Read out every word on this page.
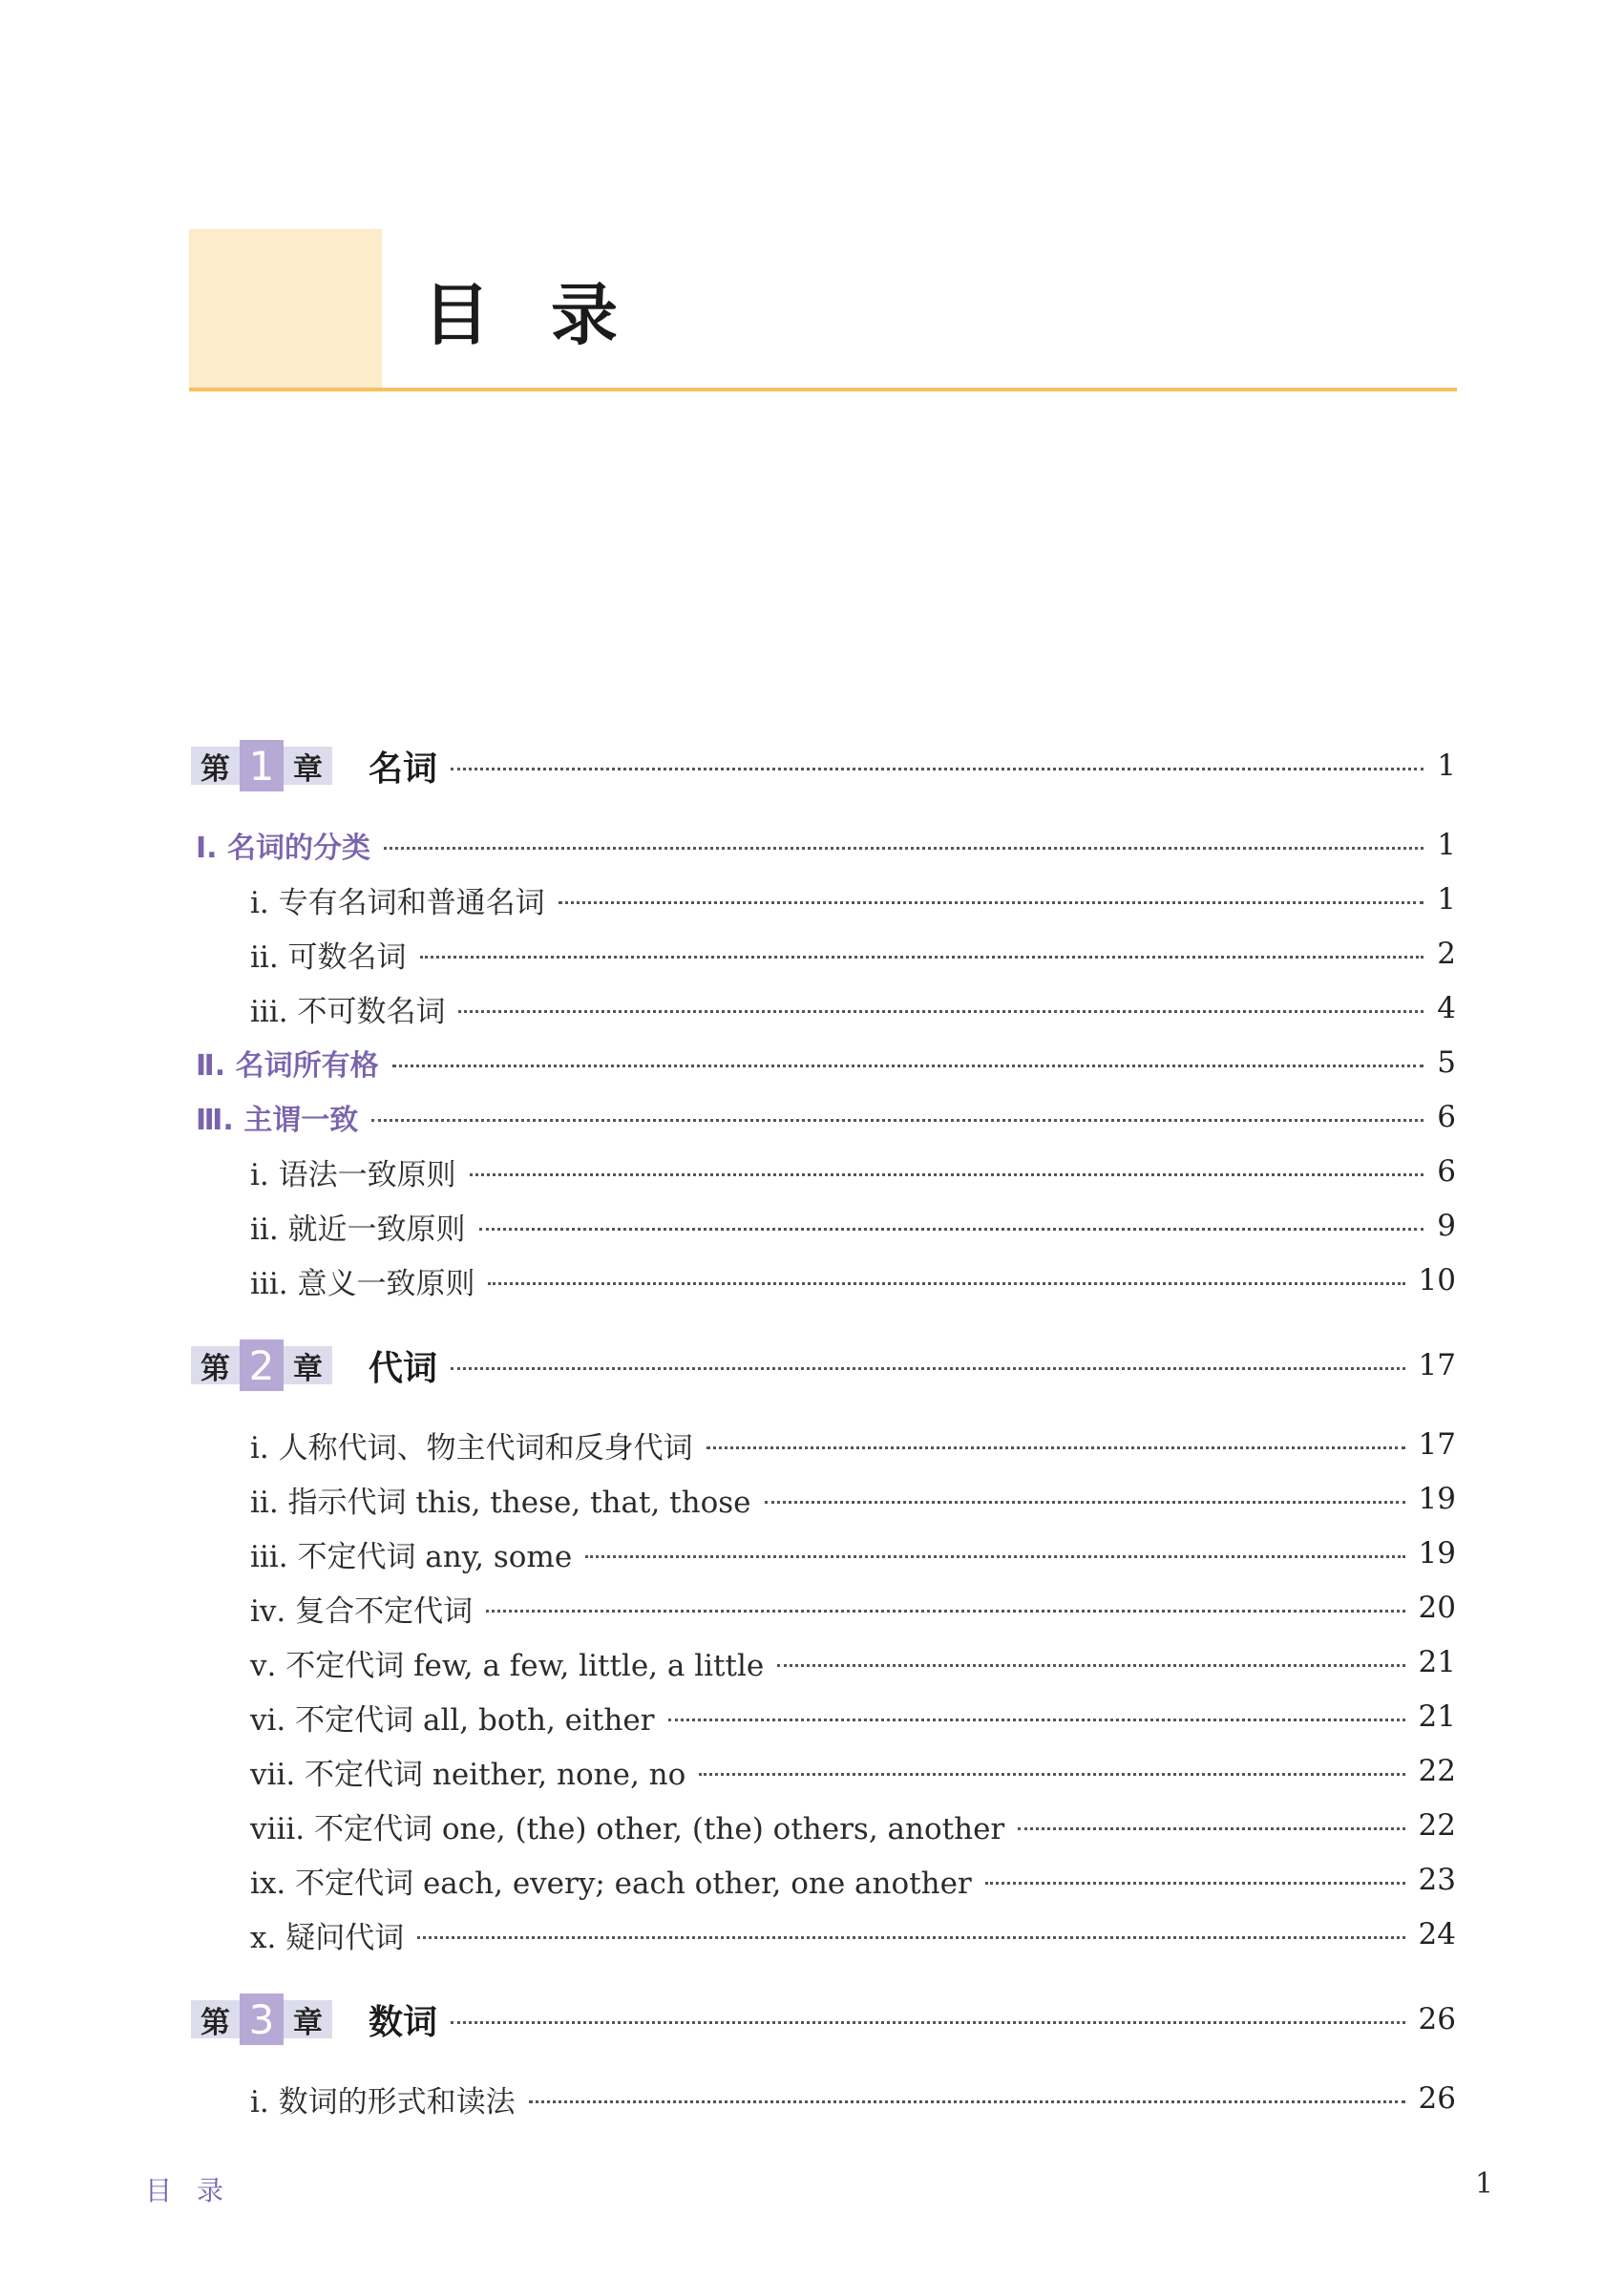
目录
第 1 章 名词	1
Ⅰ. 名词的分类	1
ⅰ. 专有名词和普通名词	1
ⅱ. 可数名词	2
ⅲ. 不可数名词	4
Ⅱ. 名词所有格	5
Ⅲ. 主谓一致	6
ⅰ. 语法一致原则	6
ⅱ. 就近一致原则	9
ⅲ. 意义一致原则	10
第 2 章 代词	17
ⅰ. 人称代词、物主代词和反身代词	17
ⅱ. 指示代词 this, these, that, those	19
ⅲ. 不定代词 any, some	19
ⅳ. 复合不定代词	20
ⅴ. 不定代词 few, a few, little, a little	21
ⅵ. 不定代词 all, both, either	21
ⅶ. 不定代词 neither, none, no	22
ⅷ. 不定代词 one, (the) other, (the) others, another	22
ⅸ. 不定代词 each, every; each other, one another	23
ⅹ. 疑问代词	24
第 3 章 数词	26
ⅰ. 数词的形式和读法	26
目录	1
